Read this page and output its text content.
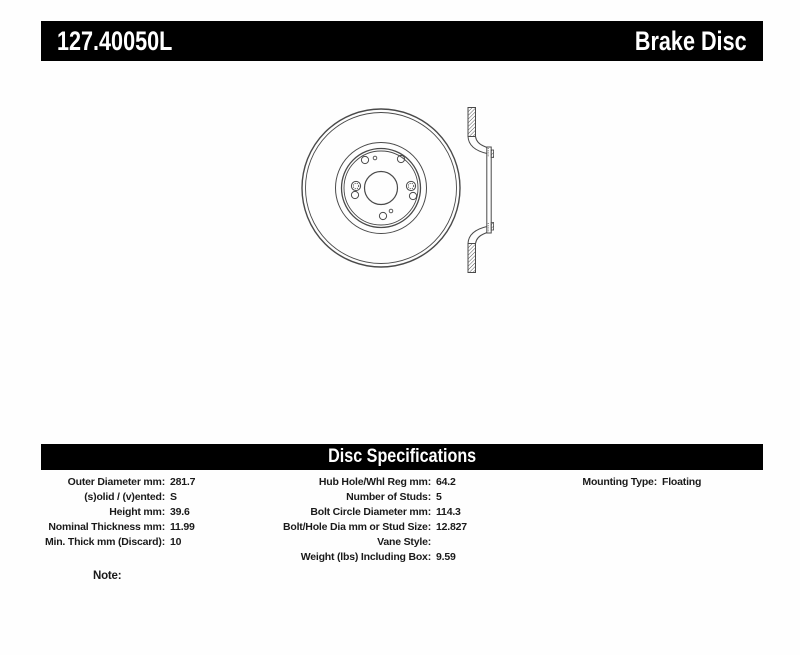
127.40050L	Brake Disc
Disc Specifications
Outer Diameter mm: 281.7
(s)olid / (v)ented: S
Height mm: 39.6
Nominal Thickness mm: 11.99
Min. Thick mm (Discard): 10
Hub Hole/Whl Reg mm: 64.2
Number of Studs: 5
Bolt Circle Diameter mm: 114.3
Bolt/Hole Dia mm or Stud Size: 12.827
Vane Style:
Weight (lbs) Including Box: 9.59
Mounting Type: Floating
Note:
